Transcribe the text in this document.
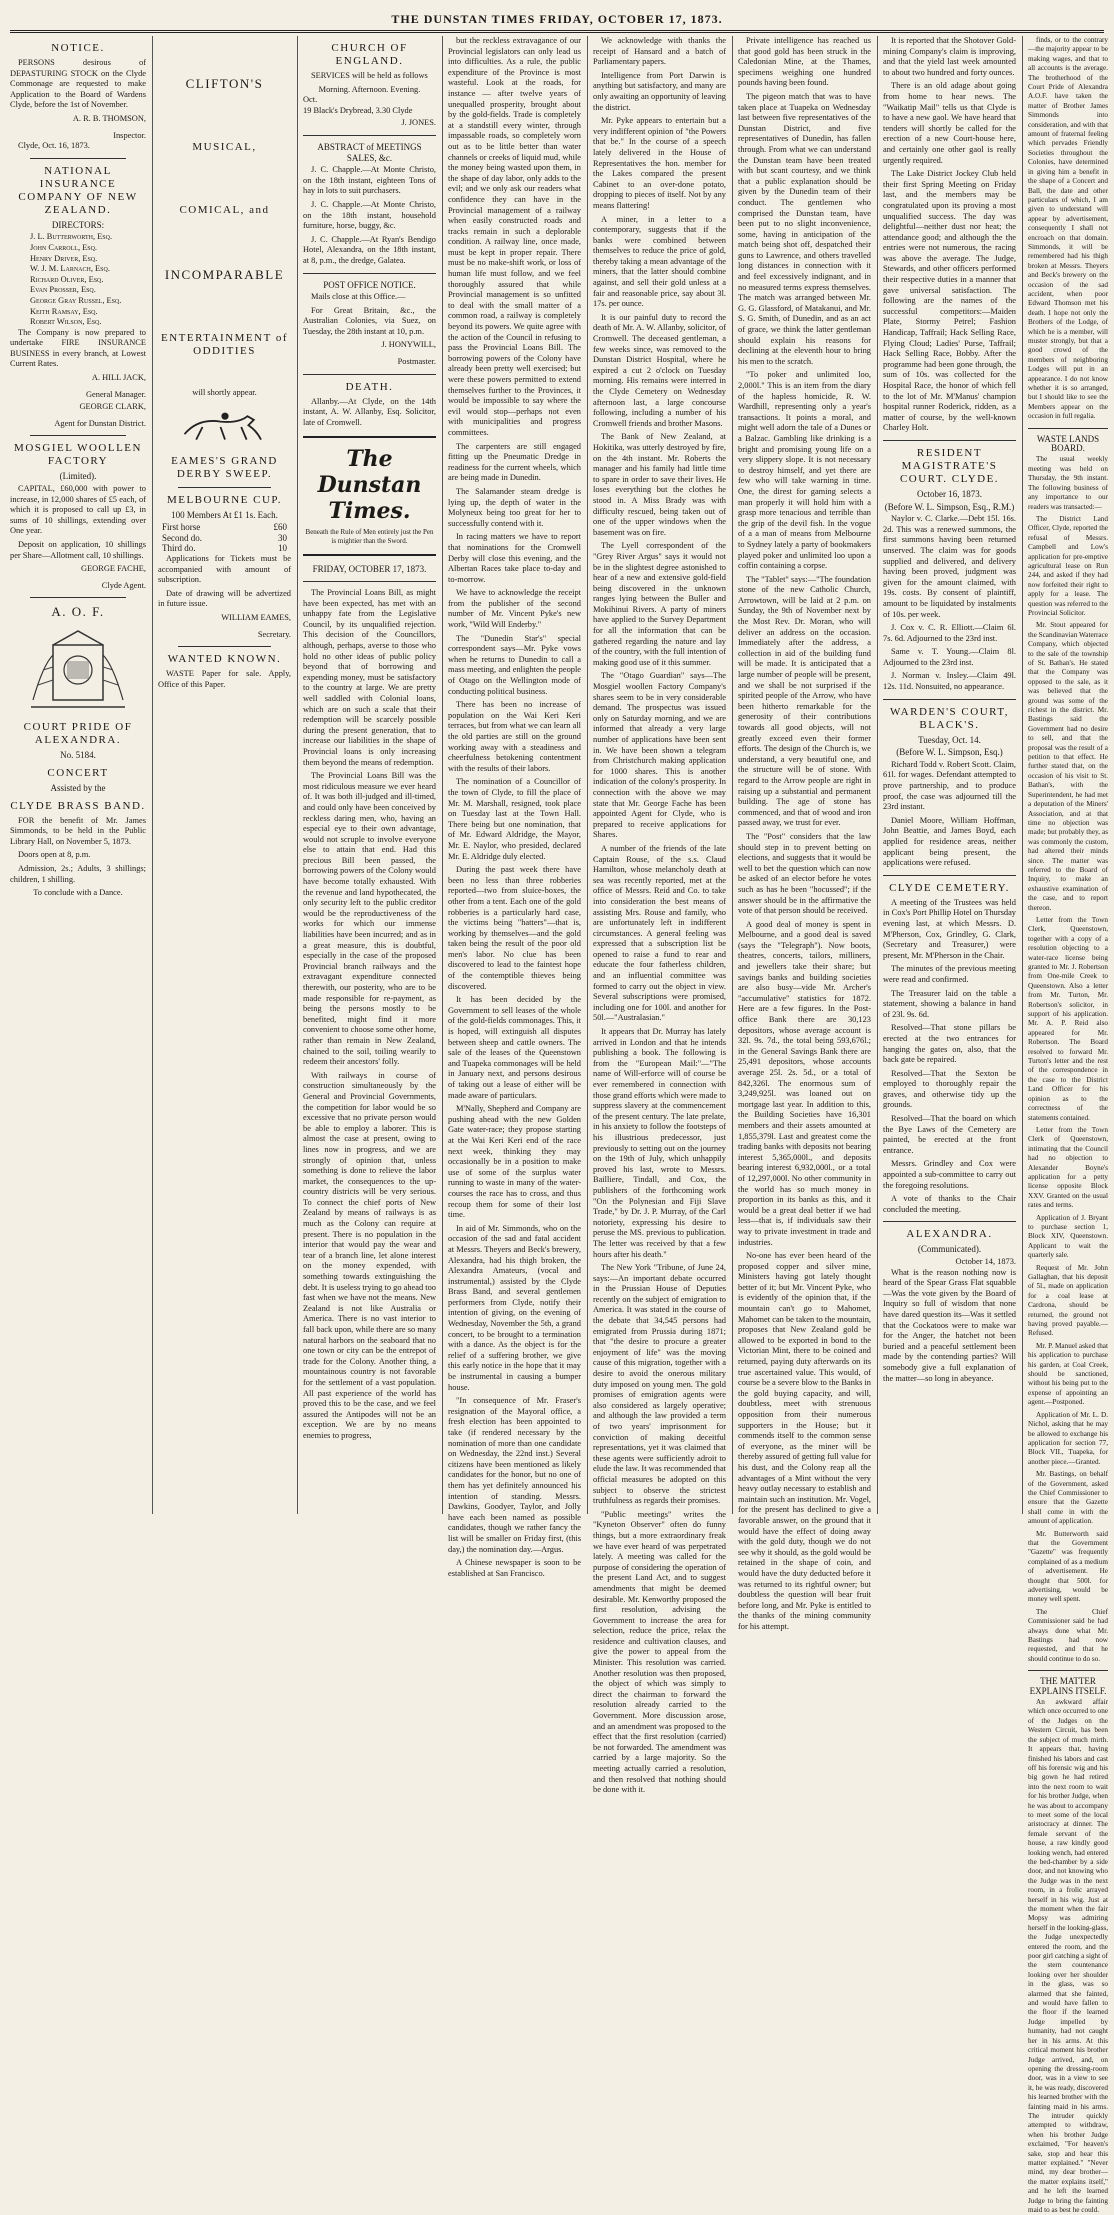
THE DUNSTAN TIMES FRIDAY, OCTOBER 17, 1873.
NOTICE.

PERSONS desirous of DEPASTURING STOCK on the Clyde Commonage are requested to make Application to the Board of Wardens Clyde, before the 1st of November.

A. R. B. THOMSON,
Inspector.

Clyde, Oct. 16, 1873.

NATIONAL INSURANCE COMPANY OF NEW ZEALAND.
DIRECTORS:
J. L. Butterworth, Esq.
John Carroll, Esq.
Henry Driver, Esq.
W. J. M. Larnach, Esq.
Richard Oliver, Esq.
Evan Prosser, Esq.
George Gray Russel, Esq.
Keith Ramsay, Esq.
Robert Wilson, Esq.

The Company is now prepared to undertake FIRE INSURANCE BUSINESS in every branch, at Lowest Current Rates.

A. HILL JACK,
General Manager.
GEORGE CLARK,
Agent for Dunstan District.
MOSGIEL WOOLLEN FACTORY
(Limited).

CAPITAL, £60,000 with power to increase, in 12,000 shares of £5 each, of which it is proposed to call up £3, in sums of 10 shillings, extending over One year.

Deposit on application, 10 shillings per Share—Allotment call, 10 shillings.

GEORGE FACHE,
Clyde Agent.
A. O. F.
COURT PRIDE OF ALEXANDRA.
No. 5184.
CONCERT
Assisted by the
CLYDE BRASS BAND.

FOR the benefit of Mr. James Simmonds, to be held in the Public Library Hall, on November 5, 1873.

Doors open at 8, p.m.

Admission, 2s.; Adults, 3 shillings; children, 1 shilling.

To conclude with a Dance.
CLIFTON'S
MUSICAL,
COMICAL, and
INCOMPARABLE
ENTERTAINMENT of ODDITIES
will shortly appear.
EAMES'S GRAND DERBY SWEEP.
MELBOURNE CUP.
100 Members At £1 1s. Each.
First horse	£60
Second do.	30
Third do.	10

Applications for Tickets must be accompanied with amount of subscription.

Date of drawing will be advertized in future issue.

WILLIAM EAMES,
Secretary.
WANTED KNOWN.

WASTE Paper for sale. Apply, Office of this Paper.

CHURCH OF ENGLAND.

SERVICES will be held as follows

Morning. Afternoon. Evening.
Oct.
19 Black's Drybread, 3.30 Clyde
J. JONES.
ABSTRACT of MEETINGS SALES, &c.

J. C. Chapple.—At Monte Christo, on the 18th instant, eighteen Tons of hay in lots to suit purchasers.

J. C. Chapple.—At Monte Christo, on the 18th instant, household furniture, horse, buggy, &c.

J. C. Chapple.—At Ryan's Bendigo Hotel, Alexandra, on the 18th instant, at 8, p.m., the dredge, Galatea.

POST OFFICE NOTICE.

Mails close at this Office.—

For Great Britain, &c., the Australian Colonies, via Suez, on Tuesday, the 28th instant at 10, p.m.

J. HONYWILL,
Postmaster.
DEATH.

Allanby.—At Clyde, on the 14th instant, A. W. Allanby, Esq. Solicitor, late of Cromwell.

The Dunstan Times.
Beneath the Rule of Men entirely just the Pen is mightier than the Sword.
FRIDAY, OCTOBER 17, 1873.

The Provincial Loans Bill, as might have been expected, has met with an unhappy fate from the Legislative Council, by its unqualified rejection. This decision of the Councillors, although, perhaps, averse to those who hold no other ideas of public policy beyond that of borrowing and expending money, must be satisfactory to the country at large. We are pretty well saddled with Colonial loans, which are on such a scale that their redemption will be scarcely possible during the present generation, that to increase our liabilities in the shape of Provincial loans is only increasing them beyond the means of redemption.

The Provincial Loans Bill was the most ridiculous measure we ever heard of. It was both ill-judged and ill-timed, and could only have been conceived by reckless daring men, who, having an especial eye to their own advantage, would not scruple to involve everyone else to attain that end. Had this precious Bill been passed, the borrowing powers of the Colony would have become totally exhausted. With the revenue and land hypothecated, the only security left to the public creditor would be the reproductiveness of the works for which our immense liabilities have been incurred; and as in a great measure, this is doubtful, especially in the case of the proposed Provincial branch railways and the extravagant expenditure connected therewith, our posterity, who are to be made responsible for re-payment, as being the persons mostly to be benefited, might find it more convenient to choose some other home, rather than remain in New Zealand, chained to the soil, toiling wearily to redeem their ancestors' folly.

With railways in course of construction simultaneously by the General and Provincial Governments, the competition for labor would be so excessive that no private person would be able to employ a laborer. This is almost the case at present, owing to lines now in progress, and we are strongly of opinion that, unless something is done to relieve the labor market, the consequences to the up-country districts will be very serious. To connect the chief ports of New Zealand by means of railways is as much as the Colony can require at present. There is no population in the interior that would pay the wear and tear of a branch line, let alone interest on the money expended, with something towards extinguishing the debt. It is useless trying to go ahead too fast when we have not the means. New Zealand is not like Australia or America. There is no vast interior to fall back upon, while there are so many natural harbors on the seaboard that no one town or city can be the entrepot of trade for the Colony. Another thing, a mountainous country is not favorable for the settlement of a vast population. All past experience of the world has proved this to be the case, and we feel assured the Antipodes will not be an exception. We are by no means enemies to progress,

but the reckless extravagance of our Provincial legislators can only lead us into difficulties. As a rule, the public expenditure of the Province is most wasteful. Look at the roads, for instance — after twelve years of unequalled prosperity, brought about by the gold-fields. Trade is completely at a standstill every winter, through impassable roads, so completely worn out as to be little better than water channels or creeks of liquid mud, while the money being wasted upon them, in the shape of day labor, only adds to the evil; and we only ask our readers what confidence they can have in the Provincial management of a railway when easily constructed roads and tracks remain in such a deplorable condition. A railway line, once made, must be kept in proper repair. There must be no make-shift work, or loss of human life must follow, and we feel thoroughly assured that while Provincial management is so unfitted to deal with the small matter of a common road, a railway is completely beyond its powers. We quite agree with the action of the Council in refusing to pass the Provincial Loans Bill. The borrowing powers of the Colony have already been pretty well exercised; but were these powers permitted to extend themselves further to the Provinces, it would be impossible to say where the evil would stop—perhaps not even with municipalities and progress committees.

The carpenters are still engaged fitting up the Pneumatic Dredge in readiness for the current wheels, which are being made in Dunedin.

The Salamander steam dredge is lying up, the depth of water in the Molyneux being too great for her to successfully contend with it.

In racing matters we have to report that nominations for the Cromwell Derby will close this evening, and the Albertan Races take place to-day and to-morrow.

We have to acknowledge the receipt from the publisher of the second number of Mr. Vincent Pyke's new work, "Wild Will Enderby."

The "Dunedin Star's" special correspondent says—Mr. Pyke vows when he returns to Dunedin to call a mass meeting, and enlighten the people of Otago on the Wellington mode of conducting political business.

There has been no increase of population on the Wai Keri Keri terraces, but from what we can learn all the old parties are still on the ground working away with a steadiness and cheerfulness betokening contentment with the results of their labors.

The nomination of a Councillor of the town of Clyde, to fill the place of Mr. M. Marshall, resigned, took place on Tuesday last at the Town Hall. There being but one nomination, that of Mr. Edward Aldridge, the Mayor, Mr. E. Naylor, who presided, declared Mr. E. Aldridge duly elected.

During the past week there have been no less than three robberies reported—two from sluice-boxes, the other from a tent. Each one of the gold robberies is a particularly hard case, the victims being "hatters"—that is, working by themselves—and the gold taken being the result of the poor old men's labor. No clue has been discovered to lead to the faintest hope of the contemptible thieves being discovered.

It has been decided by the Government to sell leases of the whole of the gold-fields commonages. This, it is hoped, will extinguish all disputes between sheep and cattle owners. The sale of the leases of the Queenstown and Tuapeka commonages will be held in January next, and persons desirous of taking out a lease of either will be made aware of particulars.

M'Nally, Shepherd and Company are pushing ahead with the new Golden Gate water-race; they propose starting at the Wai Keri Keri end of the race next week, thinking they may occasionally be in a position to make use of some of the surplus water running to waste in many of the water-courses the race has to cross, and thus recoup them for some of their lost time.

In aid of Mr. Simmonds, who on the occasion of the sad and fatal accident at Messrs. Theyers and Beck's brewery, Alexandra, had his thigh broken, the Alexandra Amateurs, (vocal and instrumental,) assisted by the Clyde Brass Band, and several gentlemen performers from Clyde, notify their intention of giving, on the evening of Wednesday, November the 5th, a grand concert, to be brought to a termination with a dance. As the object is for the relief of a suffering brother, we give this early notice in the hope that it may be instrumental in causing a bumper house.

"In consequence of Mr. Fraser's resignation of the Mayoral office, a fresh election has been appointed to take (if rendered necessary by the nomination of more than one candidate on Wednesday, the 22nd inst.) Several citizens have been mentioned as likely candidates for the honor, but no one of them has yet definitely announced his intention of standing. Messrs. Dawkins, Goodyer, Taylor, and Jolly have each been named as possible candidates, though we rather fancy the list will be smaller on Friday first, (this day,) the nomination day.—Argus.

A Chinese newspaper is soon to be established at San Francisco.

We acknowledge with thanks the receipt of Hansard and a batch of Parliamentary papers.

Intelligence from Port Darwin is anything but satisfactory, and many are only awaiting an opportunity of leaving the district.

Mr. Pyke appears to entertain but a very indifferent opinion of "the Powers that be." In the course of a speech lately delivered in the House of Representatives the hon. member for the Lakes compared the present Cabinet to an over-done potato, dropping to pieces of itself. Not by any means flattering!

A miner, in a letter to a contemporary, suggests that if the banks were combined between themselves to reduce the price of gold, thereby taking a mean advantage of the miners, that the latter should combine against, and sell their gold unless at a fair and reasonable price, say about 3l. 17s. per ounce.

It is our painful duty to record the death of Mr. A. W. Allanby, solicitor, of Cromwell. The deceased gentleman, a few weeks since, was removed to the Dunstan District Hospital, where he expired a cut 2 o'clock on Tuesday morning. His remains were interred in the Clyde Cemetery on Wednesday afternoon last, a large concourse following, including a number of his Cromwell friends and brother Masons.

The Bank of New Zealand, at Hokitika, was utterly destroyed by fire, on the 4th instant. Mr. Roberts the manager and his family had little time to spare in order to save their lives. He loses everything but the clothes he stood in. A Miss Brady was with difficulty rescued, being taken out of one of the upper windows when the basement was on fire.

The Lyell correspondent of the "Grey River Argus" says it would not be in the slightest degree astonished to hear of a new and extensive gold-field being discovered in the unknown ranges lying between the Buller and Mokihinui Rivers. A party of miners have applied to the Survey Department for all the information that can be gathered regarding the nature and lay of the country, with the full intention of making good use of it this summer.

The "Otago Guardian" says—The Mosgiel woollen Factory Company's shares seem to be in very considerable demand. The prospectus was issued only on Saturday morning, and we are informed that already a very large number of applications have been sent in. We have been shown a telegram from Christchurch making application for 1000 shares. This is another indication of the colony's prosperity. In connection with the above we may state that Mr. George Fache has been appointed Agent for Clyde, who is prepared to receive applications for Shares.

A number of the friends of the late Captain Rouse, of the s.s. Claud Hamilton, whose melancholy death at sea was recently reported, met at the office of Messrs. Reid and Co. to take into consideration the best means of assisting Mrs. Rouse and family, who are unfortunately left in indifferent circumstances. A general feeling was expressed that a subscription list be opened to raise a fund to rear and educate the four fatherless children, and an influential committee was formed to carry out the object in view. Several subscriptions were promised, including one for 100l. and another for 50l.—"Australasian."

It appears that Dr. Murray has lately arrived in London and that he intends publishing a book. The following is from the "European Mail:"—"The name of Will-erforce will of course be ever remembered in connection with those grand efforts which were made to suppress slavery at the commencement of the present century. The late prelate, in his anxiety to follow the footsteps of his illustrious predecessor, just previously to setting out on the journey on the 19th of July, which unhappily proved his last, wrote to Messrs. Bailliere, Tindall, and Cox, the publishers of the forthcoming work "On the Polynesian and Fiji Slave Trade," by Dr. J. P. Murray, of the Carl notoriety, expressing his desire to peruse the MS. previous to publication. The letter was received by that a few hours after his death."

The New York "Tribune, of June 24, says:—An important debate occurred in the Prussian House of Deputies recently on the subject of emigration to America. It was stated in the course of the debate that 34,545 persons had emigrated from Prussia during 1871; that "the desire to procure a greater enjoyment of life" was the moving cause of this migration, together with a desire to avoid the onerous military duty imposed on young men. The gold promises of emigration agents were also considered as largely operative; and although the law provided a term of two years' imprisonment for conviction of making deceitful representations, yet it was claimed that these agents were sufficiently adroit to elude the law. It was recommended that official measures be adopted on this subject to observe the strictest truthfulness as regards their promises.

"Public meetings" writes the "Kyneton Observer" often do funny things, but a more extraordinary freak we have ever heard of was perpetrated lately. A meeting was called for the purpose of considering the operation of the present Land Act, and to suggest amendments that might be deemed desirable. Mr. Kenworthy proposed the first resolution, advising the Government to increase the area for selection, reduce the price, relax the residence and cultivation clauses, and give the power to appeal from the Minister. This resolution was carried. Another resolution was then proposed, the object of which was simply to direct the chairman to forward the resolution already carried to the Government. More discussion arose, and an amendment was proposed to the effect that the first resolution (carried) be not forwarded. The amendment was carried by a large majority. So the meeting actually carried a resolution, and then resolved that nothing should be done with it.

Private intelligence has reached us that good gold has been struck in the Caledonian Mine, at the Thames, specimens weighing one hundred pounds having been found.

The pigeon match that was to have taken place at Tuapeka on Wednesday last between five representatives of the Dunstan District, and five representatives of Dunedin, has fallen through. From what we can understand the Dunstan team have been treated with but scant courtesy, and we think that a public explanation should be given by the Dunedin team of their conduct. The gentlemen who comprised the Dunstan team, have been put to no slight inconvenience, some, having in anticipation of the match being shot off, despatched their guns to Lawrence, and others travelled long distances in connection with it and feel excessively indignant, and in no measured terms express themselves. The match was arranged between Mr. G. G. Glassford, of Matakanui, and Mr. S. G. Smith, of Dunedin, and as an act of grace, we think the latter gentleman should explain his reasons for declining at the eleventh hour to bring his men to the scratch.

"To poker and unlimited loo, 2,000l." This is an item from the diary of the hapless homicide, R. W. Wardhill, representing only a year's transactions. It points a moral, and might well adorn the tale of a Dunes or a Balzac. Gambling like drinking is a bright and promising young life on a very slippery slope. It is not necessary to destroy himself, and yet there are few who will take warning in time. One, the direst for gaming selects a man properly it will hold him with a grasp more tenacious and terrible than the grip of the devil fish. In the vogue of a a man of means from Melbourne to Sydney lately a party of bookmakers played poker and unlimited loo upon a coffin containing a corpse.

The "Tablet" says:—"The foundation stone of the new Catholic Church, Arrowtown, will be laid at 2 p.m. on Sunday, the 9th of November next by the Most Rev. Dr. Moran, who will deliver an address on the occasion. Immediately after the address, a collection in aid of the building fund will be made. It is anticipated that a large number of people will be present, and we shall be not surprised if the spirited people of the Arrow, who have been hitherto remarkable for the generosity of their contributions towards all good objects, will not greatly exceed even their former efforts. The design of the Church is, we understand, a very beautiful one, and the structure will be of stone. With regard to the Arrow people are right in raising up a substantial and permanent building. The age of stone has commenced, and that of wood and iron passed away, we trust for ever.

The "Post" considers that the law should step in to prevent betting on elections, and suggests that it would be well to bet the question which can now be asked of an elector before he votes such as has he been "hocussed"; if the answer should be in the affirmative the vote of that person should be received.

A good deal of money is spent in Melbourne, and a good deal is saved (says the "Telegraph"). Now boots, theatres, concerts, tailors, milliners, and jewellers take their share; but savings banks and building societies are also busy—vide Mr. Archer's "accumulative" statistics for 1872. Here are a few figures. In the Post-office Bank there are 30,123 depositors, whose average account is 32l. 9s. 7d., the total being 593,676l.; in the General Savings Bank there are 25,491 depositors, whose accounts average 25l. 2s. 5d., or a total of 842,326l. The enormous sum of 3,249,925l. was loaned out on mortgage last year. In addition to this, the Building Societies have 16,301 members and their assets amounted at 1,855,379l. Last and greatest come the trading banks with deposits not bearing interest 5,365,000l., and deposits bearing interest 6,932,000l., or a total of 12,297,000l. No other community in the world has so much money in proportion in its banks as this, and it would be a great deal better if we had less—that is, if individuals saw their way to private investment in trade and industries.

No-one has ever been heard of the proposed copper and silver mine, Ministers having got lately thought better of it; but Mr. Vincent Pyke, who is evidently of the opinion that, if the mountain can't go to Mahomet, Mahomet can be taken to the mountain, proposes that New Zealand gold be allowed to be exported in bond to the Victorian Mint, there to be coined and returned, paying duty afterwards on its true ascertained value. This would, of course be a severe blow to the Banks in the gold buying capacity, and will, doubtless, meet with strenuous opposition from their numerous supporters in the House; but it commends itself to the common sense of everyone, as the miner will be thereby assured of getting full value for his dust, and the Colony reap all the advantages of a Mint without the very heavy outlay necessary to establish and maintain such an institution. Mr. Vogel, for the present has declined to give a favorable answer, on the ground that it would have the effect of doing away with the gold duty, though we do not see why it should, as the gold would be retained in the shape of coin, and would have the duty deducted before it was returned to its rightful owner; but doubtless the question will bear fruit before long, and Mr. Pyke is entitled to the thanks of the mining community for his attempt.

It is reported that the Shotover Gold-mining Company's claim is improving, and that the yield last week amounted to about two hundred and forty ounces.

There is an old adage about going from home to hear news. The "Waikatip Mail" tells us that Clyde is to have a new gaol. We have heard that tenders will shortly be called for the erection of a new Court-house here, and certainly one other gaol is really urgently required.

The Lake District Jockey Club held their first Spring Meeting on Friday last, and the members may be congratulated upon its proving a most unqualified success. The day was delightful—neither dust nor heat; the attendance good; and although the the entries were not numerous, the racing was above the average. The Judge, Stewards, and other officers performed their respective duties in a manner that gave universal satisfaction. The following are the names of the successful competitors:—Maiden Plate, Stormy Petrel; Fashion Handicap, Taffrail; Hack Selling Race, Flying Cloud; Ladies' Purse, Taffrail; Hack Selling Race, Bobby. After the programme had been gone through, the sum of 10s. was collected for the Hospital Race, the honor of which fell to the lot of Mr. M'Manus' champion hospital runner Roderick, ridden, as a matter of course, by the well-known Charley Holt.

RESIDENT MAGISTRATE'S COURT. CLYDE.
October 16, 1873.
(Before W. L. Simpson, Esq., R.M.)

Naylor v. C. Clarke.—Debt 15l. 16s. 2d. This was a renewed summons, the first summons having been returned unserved. The claim was for goods supplied and delivered, and delivery having been proved, judgment was given for the amount claimed, with 19s. costs. By consent of plaintiff, amount to be liquidated by instalments of 10s. per week.

J. Cox v. C. R. Elliott.—Claim 6l. 7s. 6d. Adjourned to the 23rd inst.

Same v. T. Young.—Claim 8l. Adjourned to the 23rd inst.

J. Norman v. Insley.—Claim 49l. 12s. 11d. Nonsuited, no appearance.

WARDEN'S COURT, BLACK'S.
Tuesday, Oct. 14.
(Before W. L. Simpson, Esq.)

Richard Todd v. Robert Scott. Claim, 61l. for wages. Defendant attempted to prove partnership, and to produce proof, the case was adjourned till the 23rd instant.

Daniel Moore, William Hoffman, John Beattie, and James Boyd, each applied for residence areas, neither applicant being present, the applications were refused.

CLYDE CEMETERY.

A meeting of the Trustees was held in Cox's Port Phillip Hotel on Thursday evening last, at which Messrs. D. M'Pherson, Cox, Grindley, G. Clark, (Secretary and Treasurer,) were present, Mr. M'Pherson in the Chair.

The minutes of the previous meeting were read and confirmed.

The Treasurer laid on the table a statement, showing a balance in hand of 23l. 9s. 6d.

Resolved—That stone pillars be erected at the two entrances for hanging the gates on, also, that the back gate be repaired.

Resolved—That the Sexton be employed to thoroughly repair the graves, and otherwise tidy up the grounds.

Resolved—That the board on which the Bye Laws of the Cemetery are painted, be erected at the front entrance.

Messrs. Grindley and Cox were appointed a sub-committee to carry out the foregoing resolutions.

A vote of thanks to the Chair concluded the meeting.

ALEXANDRA.
(Communicated).
October 14, 1873.

What is the reason nothing now is heard of the Spear Grass Flat squabble—Was the vote given by the Board of Inquiry so full of wisdom that none have dared question its—Was it settled that the Cockatoos were to make war for the Anger, the hatchet not been buried and a peaceful settlement been made by the contending parties? Will somebody give a full explanation of the matter—so long in abeyance.

finds, or to the contrary—the majority appear to be making wages, and that to all accounts is the average. The brotherhood of the Court Pride of Alexandra A.O.F. have taken the matter of Brother James Simmonds into consideration, and with that amount of fraternal feeling which pervades Friendly Societies throughout the Colonies, have determined in giving him a benefit in the shape of a Concert and Ball, the date and other particulars of which, I am given to understand will appear by advertisement, consequently I shall not encroach on that domain. Simmonds, it will be remembered had his thigh broken at Messrs. Theyers and Beck's brewery on the occasion of the sad accident, when poor Edward Thomson met his death. I hope not only the Brothers of the Lodge, of which he is a member, will muster strongly, but that a good crowd of the members of neighboring Lodges will put in an appearance. I do not know whether it is so arranged, but I should like to see the Members appear on the occasion in full regalia.

WASTE LANDS BOARD.

The usual weekly meeting was held on Thursday, the 9th instant. The following business of any importance to our readers was transacted:—

The District Land Officer, Clyde, reported the refusal of Messrs. Campbell and Low's application for pre-emptive agricultural lease on Run 244, and asked if they had now forfeited their right to apply for a lease. The question was referred to the Provincial Solicitor.

Mr. Stout appeared for the Scandinavian Waterrace Company, which objected to the sale of the township of St. Bathan's. He stated that the Company was opposed to the sale, as it was believed that the ground was some of the richest in the district. Mr. Bastings said the Government had no desire to sell, and that the proposal was the result of a petition to that effect. He further stated that, on the occasion of his visit to St. Bathan's, with the Superintendent, he had met a deputation of the Miners' Association, and at that time no objection was made; but probably they, as was commonly the custom, had altered their minds since. The matter was referred to the Board of Inquiry, to make an exhaustive examination of the case, and to report thereon.

Letter from the Town Clerk, Queenstown, together with a copy of a resolution objecting to a water-race license being granted to Mr. J. Robertson from One-mile Creek to Queenstown. Also a letter from Mr. Turton, Mr. Robertson's solicitor, in support of his application. Mr. A. P. Reid also appeared for Mr. Robertson. The Board resolved to forward Mr. Turton's letter and the rest of the correspondence in the case to the District Land Officer for his opinion as to the correctness of the statements contained.

Letter from the Town Clerk of Queenstown, intimating that the Council had no objection to Alexander Boyne's application for a petty license opposite Block XXV. Granted on the usual rates and terms.

Application of J. Bryant to purchase section 1, Block XIV, Queenstown. Applicant to wait the quarterly sale.

Request of Mr. John Gallaghan, that his deposit of 5l., made on application for a coal lease at Cardrona, should be returned, the ground not having proved payable.—Refused.

Mr. P. Manuel asked that his application to purchase his garden, at Coal Creek, should be sanctioned, without his being put to the expense of appointing an agent.—Postponed.

Application of Mr. L. D. Nichol, asking that he may be allowed to exchange his application for section 77, Block VII., Tuapeka, for another piece.—Granted.

Mr. Bastings, on behalf of the Government, asked the Chief Commissioner to ensure that the Gazette shall come in with the amount of application.

Mr. Butterworth said that the Government "Gazette" was frequently complained of as a medium of advertisement. He thought that 500l. for advertising, would be money well spent.

The Chief Commissioner said he had always done what Mr. Bastings had now requested, and that he should continue to do so.

THE MATTER EXPLAINS ITSELF.

An awkward affair which once occurred to one of the Judges on the Western Circuit, has been the subject of much mirth. It appears that, having finished his labors and cast off his forensic wig and his big gown he had retired into the next room to wait for his brother Judge, when he was about to accompany to meet some of the local aristocracy at dinner. The female servant of the house, a raw kindly good looking wench, had entered the bed-chamber by a side door, and not knowing who the Judge was in the next room, in a frolic arrayed herself in his wig. Just at the moment when the fair Mopsy was admiring herself in the looking-glass, the Judge unexpectedly entered the room, and the poor girl catching a sight of the stern countenance looking over her shoulder in the glass, was so alarmed that she fainted, and would have fallen to the floor if the learned Judge impelled by humanity, had not caught her in his arms. At this critical moment his brother Judge arrived, and, on opening the dressing-room door, was in a view to see it, he was ready, discovered his learned brother with the fainting maid in his arms. The intruder quickly attempted to withdraw, when his brother Judge exclaimed, "For heaven's sake, stop and hear this matter explained." "Never mind, my dear brother—the matter explains itself," and he left the learned Judge to bring the fainting maid to as best he could.
